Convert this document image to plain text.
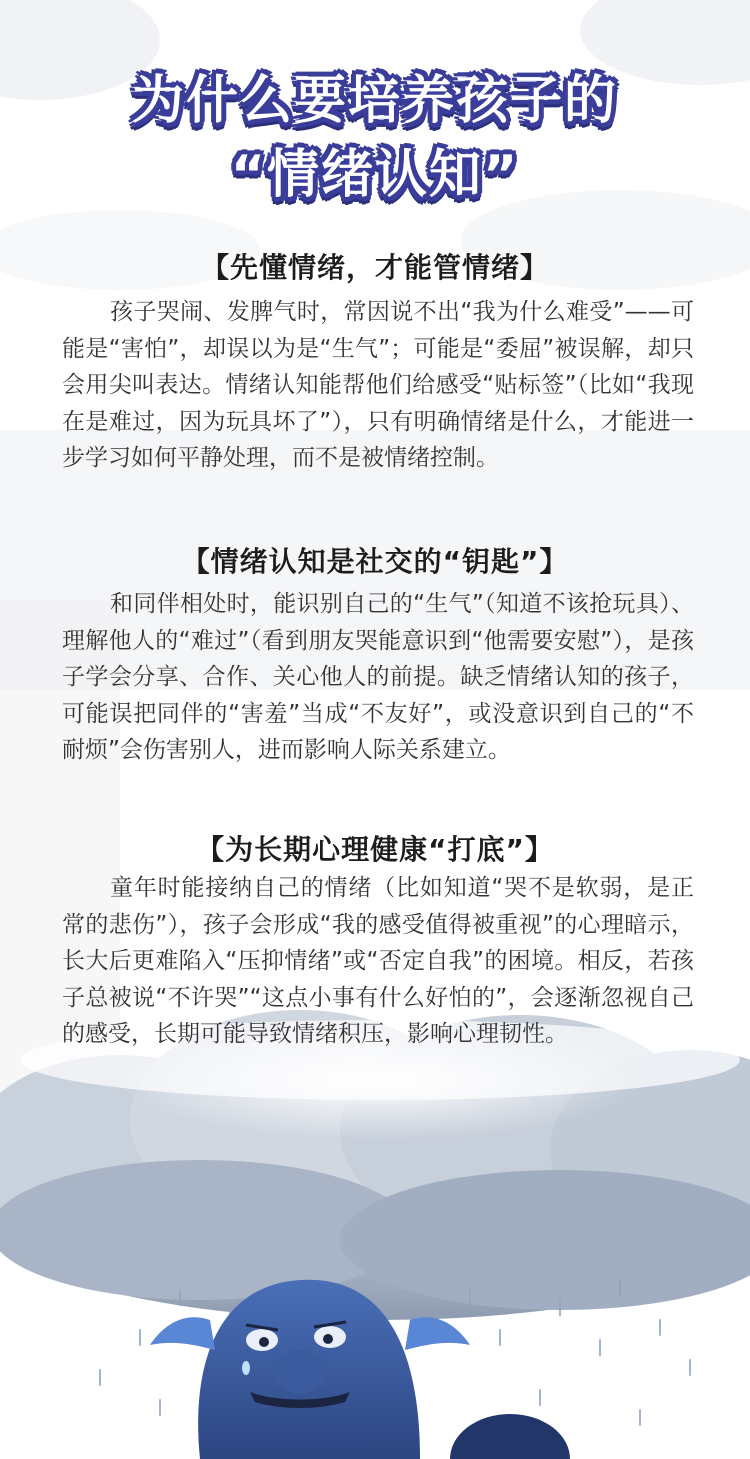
为什么要培养孩子的
“情绪认知”
【先懂情绪，才能管情绪】
孩子哭闹、发脾气时，常因说不出“我为什么难受”——可能是“害怕”，却误以为是“生气”；可能是“委屈”被误解，却只会用尖叫表达。情绪认知能帮他们给感受“贴标签”（比如“我现在是难过，因为玩具坏了”），只有明确情绪是什么，才能进一步学习如何平静处理，而不是被情绪控制。
【情绪认知是社交的“钥匙”】
和同伴相处时，能识别自己的“生气”（知道不该抢玩具）、理解他人的“难过”（看到朋友哭能意识到“他需要安慰”），是孩子学会分享、合作、关心他人的前提。缺乏情绪认知的孩子，可能误把同伴的“害羞”当成“不友好”，或没意识到自己的“不耐烦”会伤害别人，进而影响人际关系建立。
【为长期心理健康“打底”】
童年时能接纳自己的情绪（比如知道“哭不是软弱，是正常的悲伤”），孩子会形成“我的感受值得被重视”的心理暗示，长大后更难陷入“压抑情绪”或“否定自我”的困境。相反，若孩子总被说“不许哭”“这点小事有什么好怕的”，会逐渐忽视自己的感受，长期可能导致情绪积压，影响心理韧性。
